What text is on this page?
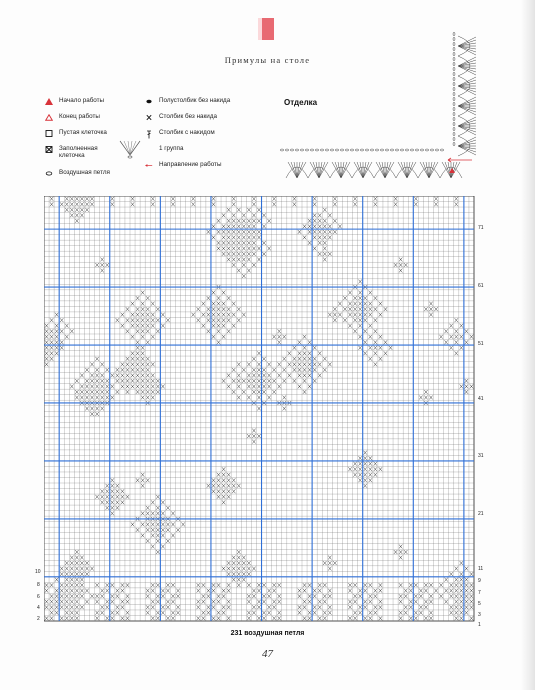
Примулы на столе
Начало работы
Конец работы
Пустая клеточка
Заполненная клеточка
Воздушная петля
Полустолбик без накида
Столбик без накида
Столбик с накидом
1 группа
Направление работы
Отделка
10
8
6
4
2
71
61
51
41
31
21
11
9
7
5
3
1
231 воздушная петля
47
